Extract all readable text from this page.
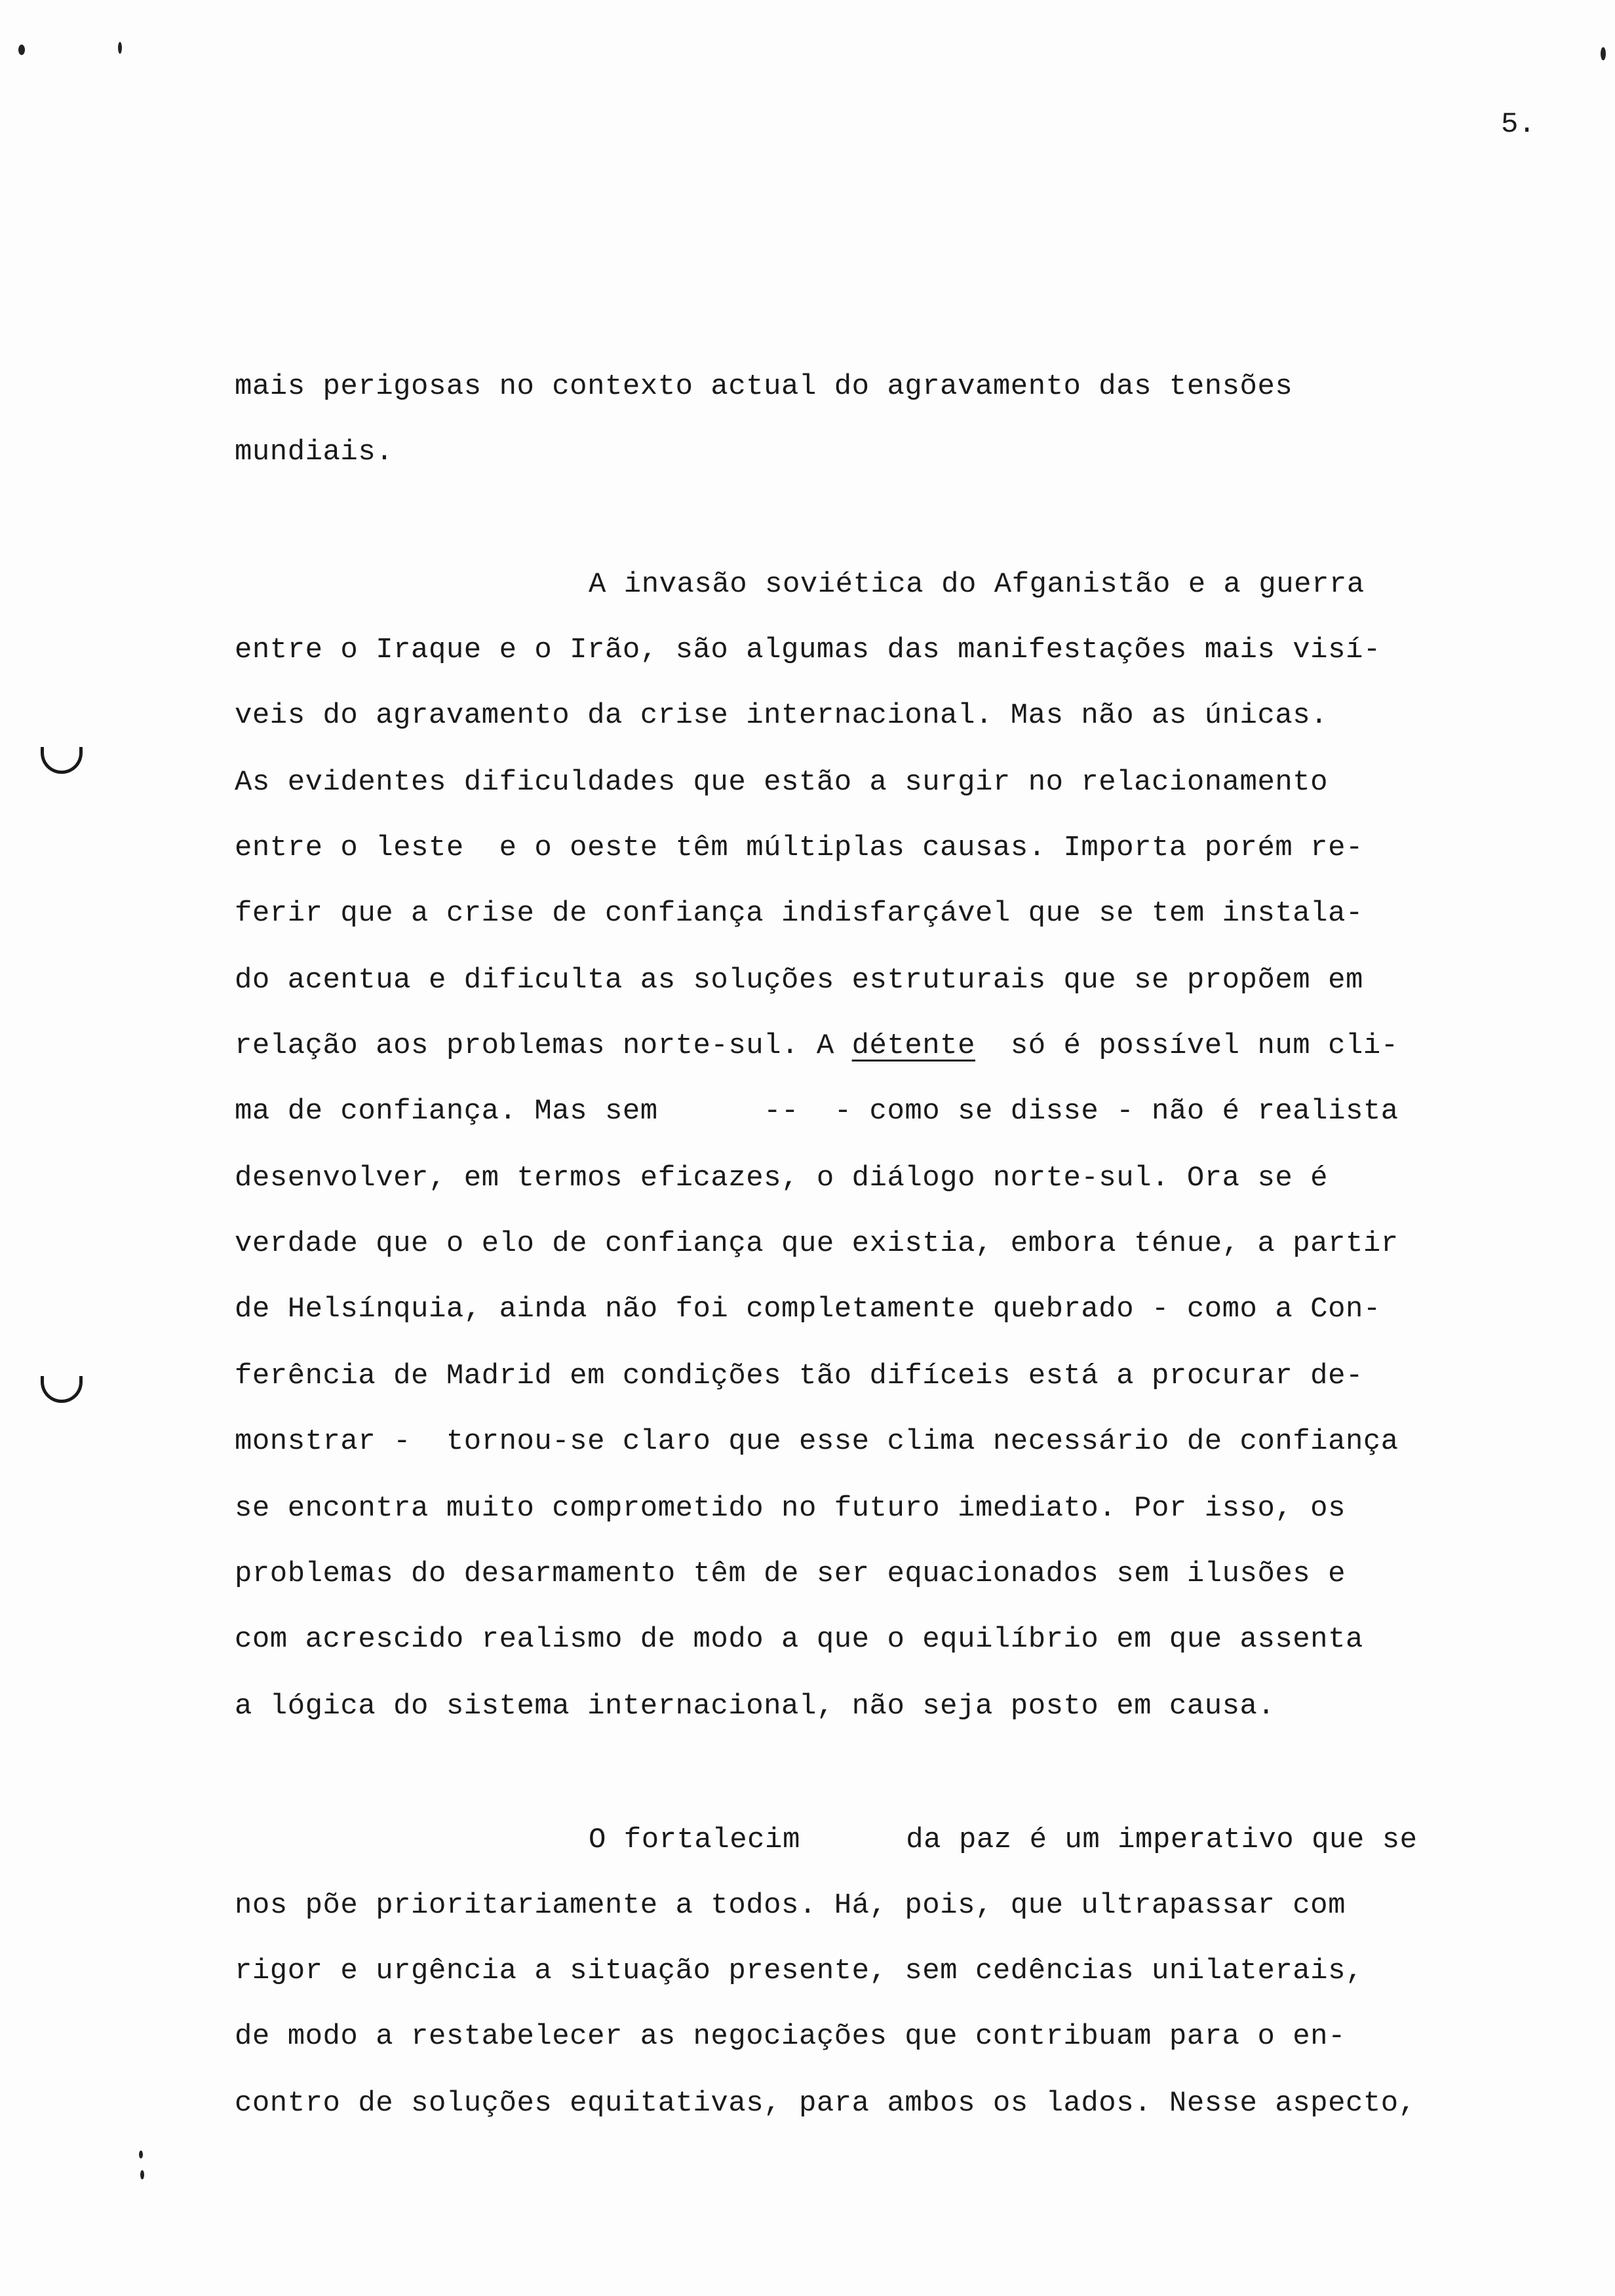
5.
mais perigosas no contexto actual do agravamento das tensões
mundiais.
A invasão soviética do Afganistão e a guerra
entre o Iraque e o Irão, são algumas das manifestações mais visí-
veis do agravamento da crise internacional. Mas não as únicas.
As evidentes dificuldades que estão a surgir no relacionamento
entre o leste  e o oeste têm múltiplas causas. Importa porém re-
ferir que a crise de confiança indisfarçável que se tem instala-
do acentua e dificulta as soluções estruturais que se propõem em
relação aos problemas norte-sul. A détente  só é possível num cli-
ma de confiança. Mas sem      --  - como se disse - não é realista
desenvolver, em termos eficazes, o diálogo norte-sul. Ora se é
verdade que o elo de confiança que existia, embora ténue, a partir
de Helsínquia, ainda não foi completamente quebrado - como a Con-
ferência de Madrid em condições tão difíceis está a procurar de-
monstrar -  tornou-se claro que esse clima necessário de confiança
se encontra muito comprometido no futuro imediato. Por isso, os
problemas do desarmamento têm de ser equacionados sem ilusões e
com acrescido realismo de modo a que o equilíbrio em que assenta
a lógica do sistema internacional, não seja posto em causa.
O fortalecim      da paz é um imperativo que se
nos põe prioritariamente a todos. Há, pois, que ultrapassar com
rigor e urgência a situação presente, sem cedências unilaterais,
de modo a restabelecer as negociações que contribuam para o en-
contro de soluções equitativas, para ambos os lados. Nesse aspecto,
